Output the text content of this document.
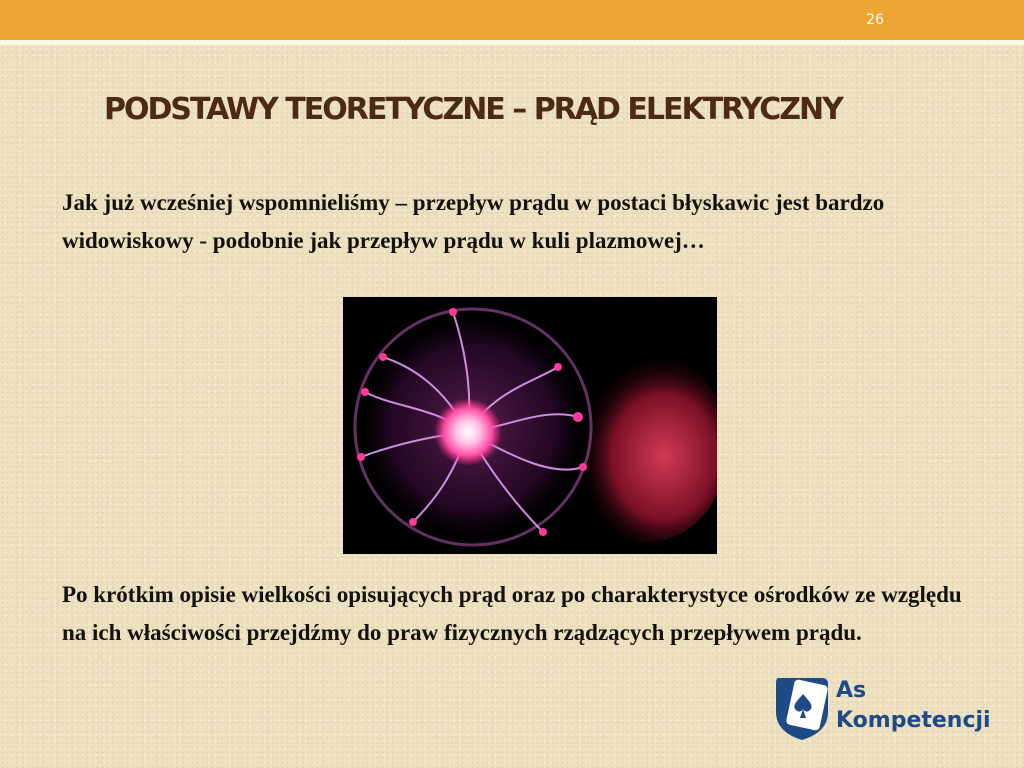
26
PODSTAWY TEORETYCZNE – PRĄD ELEKTRYCZNY

Jak już wcześniej wspomnieliśmy – przepływ prądu w postaci błyskawic jest bardzo widowiskowy - podobnie jak przepływ prądu w kuli plazmowej…

Po krótkim opisie wielkości opisujących prąd oraz po charakterystyce ośrodków ze względu na ich właściwości przejdźmy do praw fizycznych rządzących przepływem prądu.

As
Kompetencji
